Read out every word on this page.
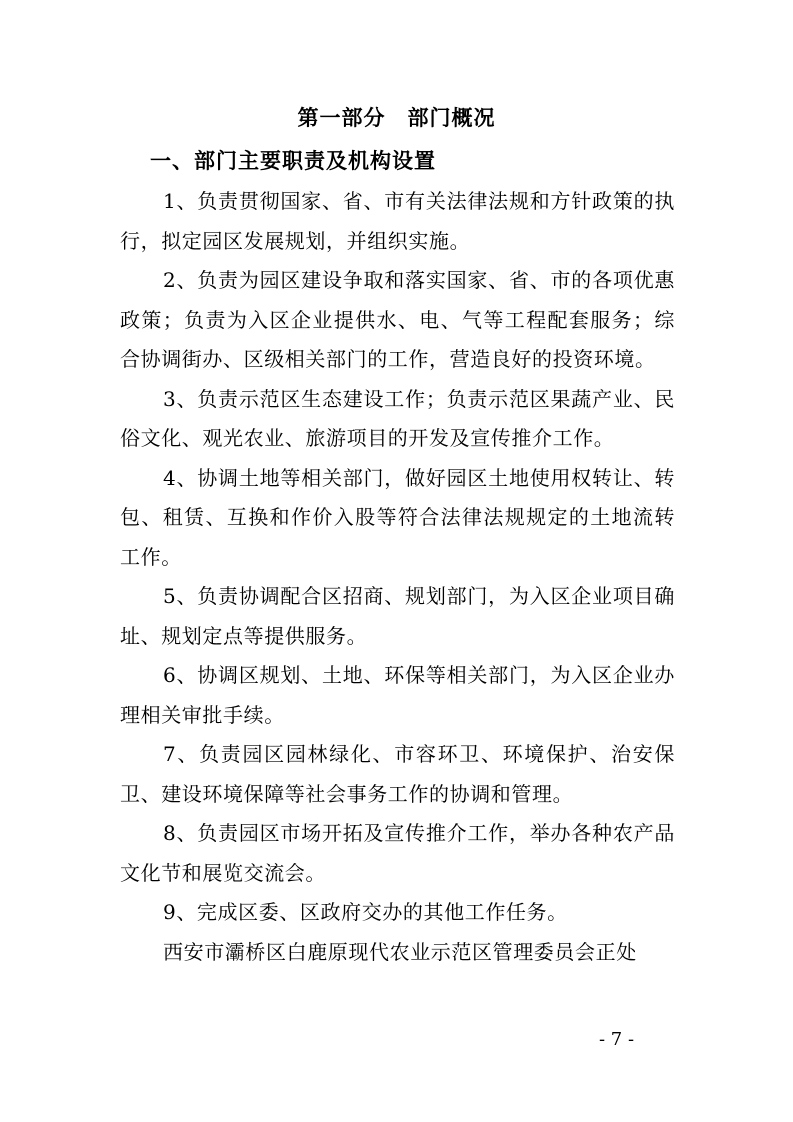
第一部分　部门概况
一、部门主要职责及机构设置

1、负责贯彻国家、省、市有关法律法规和方针政策的执行，拟定园区发展规划，并组织实施。

2、负责为园区建设争取和落实国家、省、市的各项优惠政策；负责为入区企业提供水、电、气等工程配套服务；综合协调街办、区级相关部门的工作，营造良好的投资环境。

3、负责示范区生态建设工作；负责示范区果蔬产业、民俗文化、观光农业、旅游项目的开发及宣传推介工作。

4、协调土地等相关部门，做好园区土地使用权转让、转包、租赁、互换和作价入股等符合法律法规规定的土地流转工作。

5、负责协调配合区招商、规划部门，为入区企业项目确址、规划定点等提供服务。

6、协调区规划、土地、环保等相关部门，为入区企业办理相关审批手续。

7、负责园区园林绿化、市容环卫、环境保护、治安保卫、建设环境保障等社会事务工作的协调和管理。

8、负责园区市场开拓及宣传推介工作，举办各种农产品文化节和展览交流会。

9、完成区委、区政府交办的其他工作任务。

西安市灞桥区白鹿原现代农业示范区管理委员会正处

- 7 -
